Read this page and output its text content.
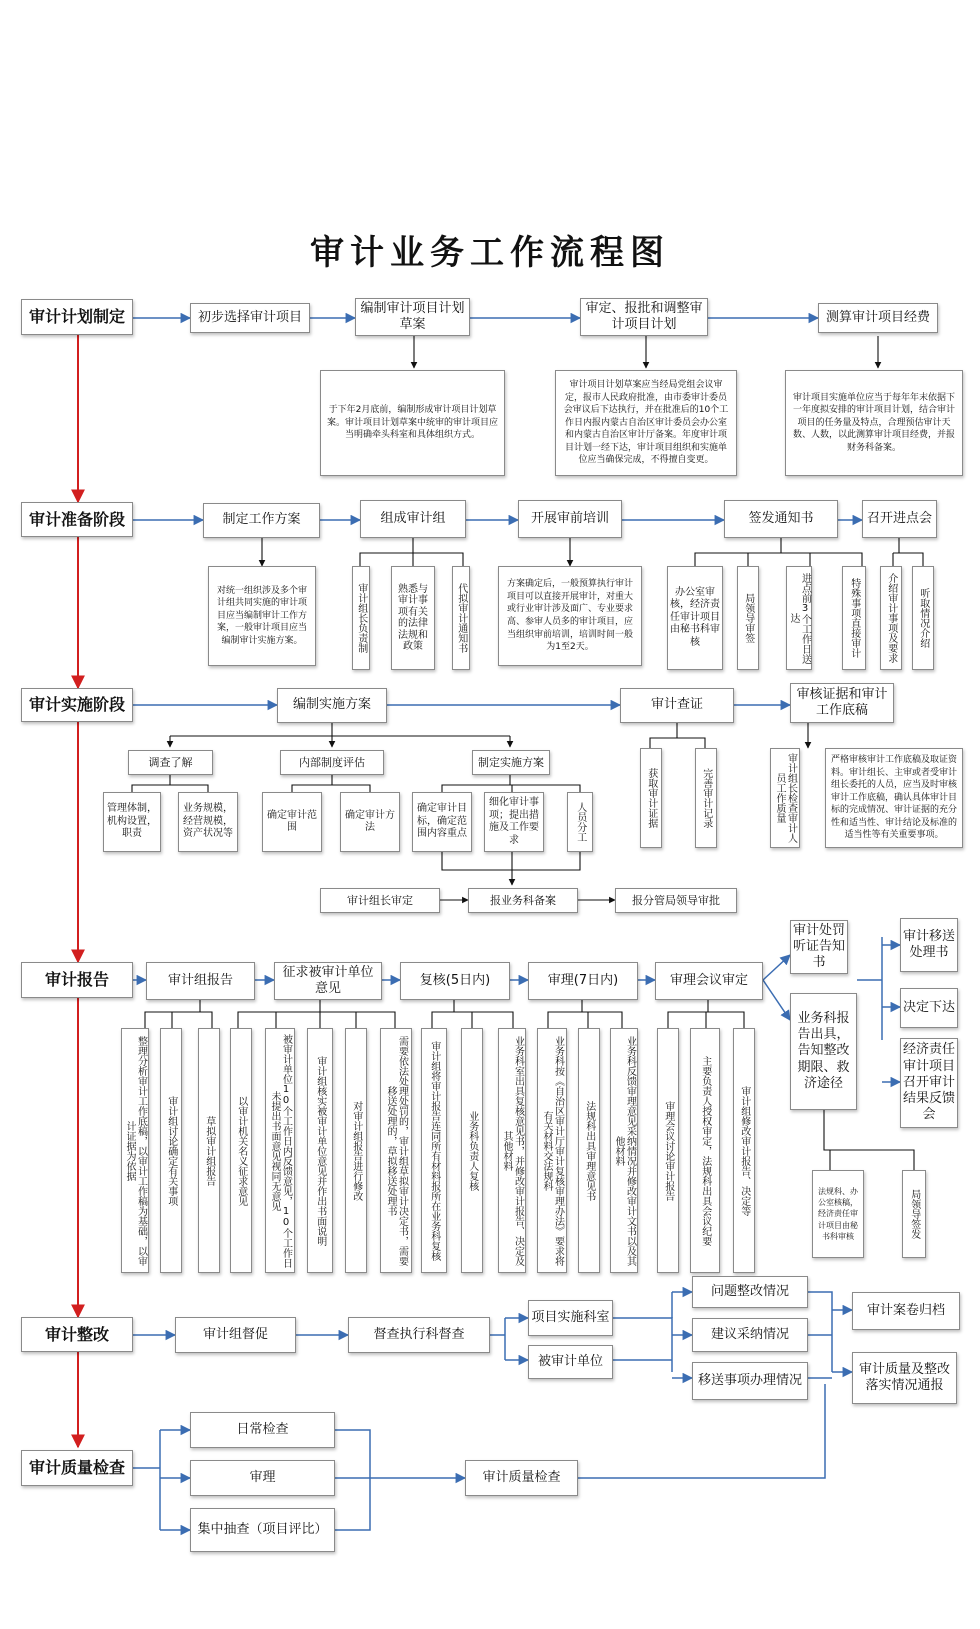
审计业务工作流程图
审计计划制定	初步选择审计项目
编制审计项目计划草案
审定、报批和调整审计项目计划	测算审计项目经费
于下年2月底前，编制形成审计项目计划草案。审计项目计划草案中统审的审计项目应当明确牵头科室和具体组织方式。
审计项目计划草案应当经局党组会议审定，报市人民政府批准，由市委审计委员会审议后下达执行，并在批准后的10个工作日内报内蒙古自治区审计委员会办公室和内蒙古自治区审计厅备案。年度审计项目计划一经下达，审计项目组织和实施单位应当确保完成，不得擅自变更。
审计项目实施单位应当于每年年末依据下一年度拟安排的审计项目计划，结合审计项目的任务量及特点，合理预估审计天数、人数，以此测算审计项目经费，并报财务科备案。
审计准备阶段	制定工作方案	组成审计组	开展审前培训	签发通知书	召开进点会
对统一组织涉及多个审计组共同实施的审计项目应当编制审计工作方案，一般审计项目应当编制审计实施方案。	审计组长负责制	熟悉与审计事项有关的法律法规和政策	代拟审计通知书	方案确定后，一般预算执行审计项目可以直接开展审计，对重大或行业审计涉及面广、专业要求高、参审人员多的审计项目，应当组织审前培训，培训时间一般为1至2天。
办公室审核，经济责任审计项目由秘书科审核	局领导审签	进点前3个工作日送达	特殊事项直接审计	介绍审计事项及要求	听取情况介绍
审计实施阶段	编制实施方案	审计查证
审核证据和审计工作底稿
调查了解	内部制度评估	制定实施方案
管理体制，机构设置，职责
业务规模，经营规模，资产状况等
确定审计范围
确定审计方法
确定审计目标，确定范围内容重点
细化审计事项；提出措施及工作要求	人员分工	获取审计证据	完善审计记录	审计组长检查审计人员工作质量
严格审核审计工作底稿及取证资料。审计组长、主审或者受审计组长委托的人员，应当及时审核审计工作底稿，确认具体审计目标的完成情况、审计证据的充分性和适当性、审计结论及标准的适当性等有关重要事项。
审计组长审定	报业务科备案	报分管局领导审批
审计报告	审计组报告
征求被审计单位意见
复核(5日内)	审理(7日内)	审理会议审定
审计处罚听证告知书
业务科报告出具，告知整改期限、救济途径
审计移送处理书
决定下达
经济责任审计项目召开审计结果反馈会
整理分析审计工作底稿，以审计工作稿为基础，以审计证据为依据	审计组讨论确定有关事项	草拟审计组报告	以审计机关名义征求意见	被审计单位10个工作日内反馈意见，10个工作日未提出书面意见视同无意见	审计组核实被审计单位意见并作出书面说明	对审计组报告进行修改	需要依法处理处罚的，审计组草拟审计决定书，需要移送处理的，草拟移送处理书	审计组将审计报告连同所有材料报所在业务科复核	业务科负责人复核	业务科室出具复核意见书，并修改审计报告、决定及其他材料	业务科按《自治区审计厅审计复核审理办法》要求将有关材料交法规科	法规科出具审理意见书	业务科反馈审理意见采纳情况并修改审计文书以及其他材料	审理会议讨论审计报告	主要负责人授权审定，法规科出具会议纪要	审计组修改审计报告、决定等	法规科、办公室核稿，经济责任审计项目由秘书科审核	局领导签发
审计整改	审计组督促	督查执行科督查
项目实施科室
被审计单位
问题整改情况
建议采纳情况
移送事项办理情况
审计案卷归档
审计质量及整改落实情况通报
审计质量检查
日常检查
审理
集中抽查（项目评比）
审计质量检查
